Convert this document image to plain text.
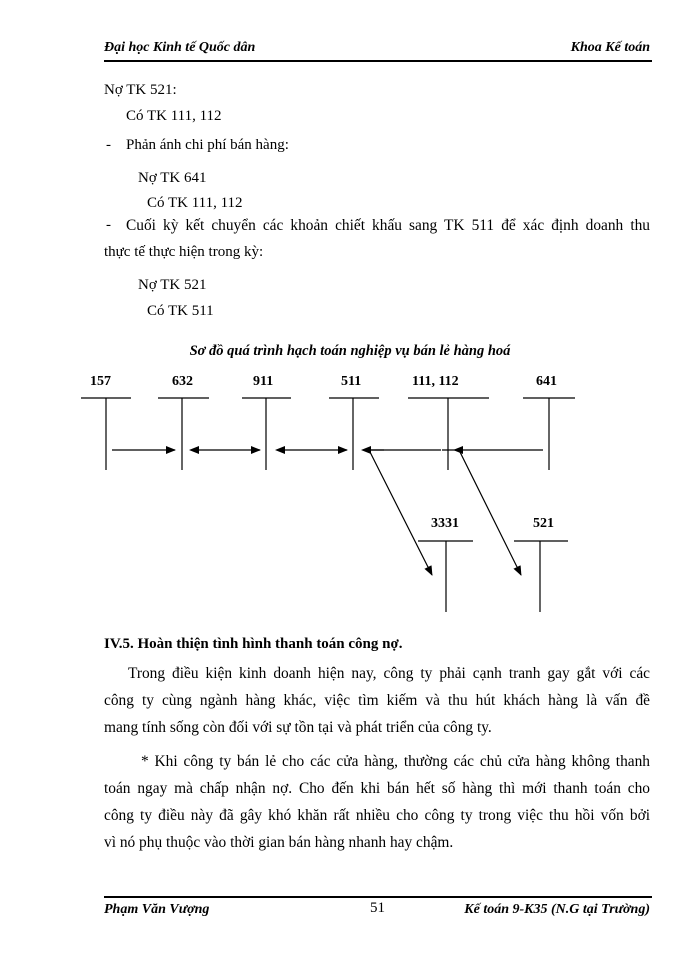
Đại học Kinh tế Quốc dân	Khoa Kế toán
Nợ TK 521:
Có TK 111, 112
- Phản ánh chi phí bán hàng:
Nợ TK 641
Có TK 111, 112
- Cuối kỳ kết chuyển các khoản chiết khấu sang TK 511 để xác định doanh thu
thực tế thực hiện trong kỳ:
Nợ TK 521
Có TK 511
Sơ đồ quá trình hạch toán nghiệp vụ bán lẻ hàng hoá
157	632	911	511	111, 112	641
3331	521
IV.5. Hoàn thiện tình hình thanh toán công nợ.
Trong điều kiện kinh doanh hiện nay, công ty phải cạnh tranh gay gắt với các
công ty cùng ngành hàng khác, việc tìm kiếm và thu hút khách hàng là vấn đề
mang tính sống còn đối với sự tồn tại và phát triển của công ty.
* Khi công ty bán lẻ cho các cửa hàng, thường các chủ cửa hàng không thanh
toán ngay mà chấp nhận nợ. Cho đến khi bán hết số hàng thì mới thanh toán cho
công ty điều này đã gây khó khăn rất nhiều cho công ty trong việc thu hồi vốn bởi
vì nó phụ thuộc vào thời gian bán hàng nhanh hay chậm.
Phạm Văn Vượng	51	Kế toán 9-K35 (N.G tại Trường)
